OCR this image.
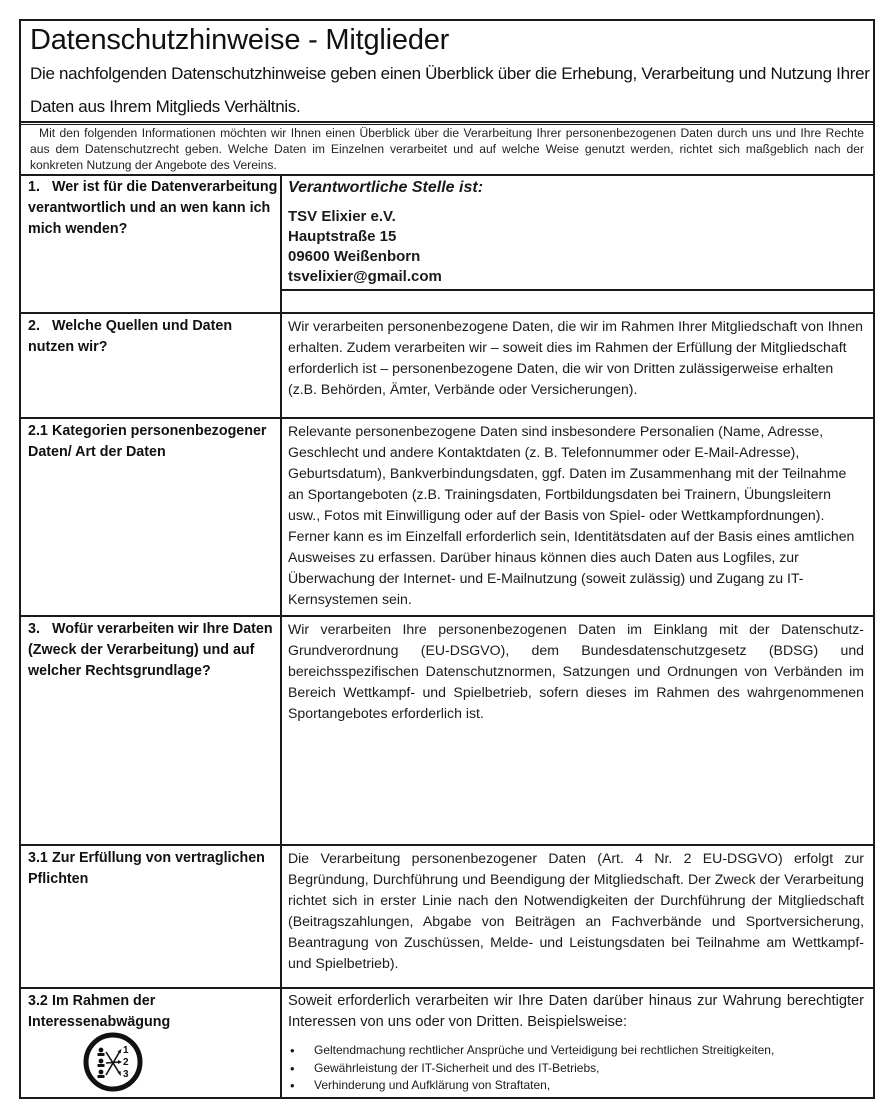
Datenschutzhinweise - Mitglieder
Die nachfolgenden Datenschutzhinweise geben einen Überblick über die Erhebung, Verarbeitung und Nutzung Ihrer Daten aus Ihrem Mitglieds Verhältnis.

Mit den folgenden Informationen möchten wir Ihnen einen Überblick über die Verarbeitung Ihrer personenbezogenen Daten durch uns und Ihre Rechte aus dem Datenschutzrecht geben. Welche Daten im Einzelnen verarbeitet und auf welche Weise genutzt werden, richtet sich maßgeblich nach der konkreten Nutzung der Angebote des Vereins.

1. Wer ist für die Datenverarbeitung verantwortlich und an wen kann ich mich wenden?
Verantwortliche Stelle ist:
TSV Elixier e.V.
Hauptstraße 15
09600 Weißenborn
tsvelixier@gmail.com
2. Welche Quellen und Daten nutzen wir?
Wir verarbeiten personenbezogene Daten, die wir im Rahmen Ihrer Mitgliedschaft von Ihnen erhalten. Zudem verarbeiten wir – soweit dies im Rahmen der Erfüllung der Mitgliedschaft erforderlich ist – personenbezogene Daten, die wir von Dritten zulässigerweise erhalten (z.B. Behörden, Ämter, Verbände oder Versicherungen).
2.1 Kategorien personenbezogener Daten/ Art der Daten
Relevante personenbezogene Daten sind insbesondere Personalien (Name, Adresse, Geschlecht und andere Kontaktdaten (z. B. Telefonnummer oder E-Mail-Adresse), Geburtsdatum), Bankverbindungsdaten, ggf. Daten im Zusammenhang mit der Teilnahme an Sportangeboten (z.B. Trainingsdaten, Fortbildungsdaten bei Trainern, Übungsleitern usw., Fotos mit Einwilligung oder auf der Basis von Spiel- oder Wettkampfordnungen). Ferner kann es im Einzelfall erforderlich sein, Identitätsdaten auf der Basis eines amtlichen Ausweises zu erfassen. Darüber hinaus können dies auch Daten aus Logfiles, zur Überwachung der Internet- und E-Mailnutzung (soweit zulässig) und Zugang zu IT-Kernsystemen sein.
3. Wofür verarbeiten wir Ihre Daten (Zweck der Verarbeitung) und auf welcher Rechtsgrundlage?
Wir verarbeiten Ihre personenbezogenen Daten im Einklang mit der Datenschutz-Grundverordnung (EU-DSGVO), dem Bundesdatenschutzgesetz (BDSG) und bereichsspezifischen Datenschutznormen, Satzungen und Ordnungen von Verbänden im Bereich Wettkampf- und Spielbetrieb, sofern dieses im Rahmen des wahrgenommenen Sportangebotes erforderlich ist.
3.1 Zur Erfüllung von vertraglichen Pflichten
Die Verarbeitung personenbezogener Daten (Art. 4 Nr. 2 EU-DSGVO) erfolgt zur Begründung, Durchführung und Beendigung der Mitgliedschaft. Der Zweck der Verarbeitung richtet sich in erster Linie nach den Notwendigkeiten der Durchführung der Mitgliedschaft (Beitragszahlungen, Abgabe von Beiträgen an Fachverbände und Sportversicherung, Beantragung von Zuschüssen, Melde- und Leistungsdaten bei Teilnahme am Wettkampf- und Spielbetrieb).
3.2 Im Rahmen der Interessenabwägung
Soweit erforderlich verarbeiten wir Ihre Daten darüber hinaus zur Wahrung berechtigter Interessen von uns oder von Dritten. Beispielsweise:
• Geltendmachung rechtlicher Ansprüche und Verteidigung bei rechtlichen Streitigkeiten,
• Gewährleistung der IT-Sicherheit und des IT-Betriebs,
• Verhinderung und Aufklärung von Straftaten,
1
2
3
